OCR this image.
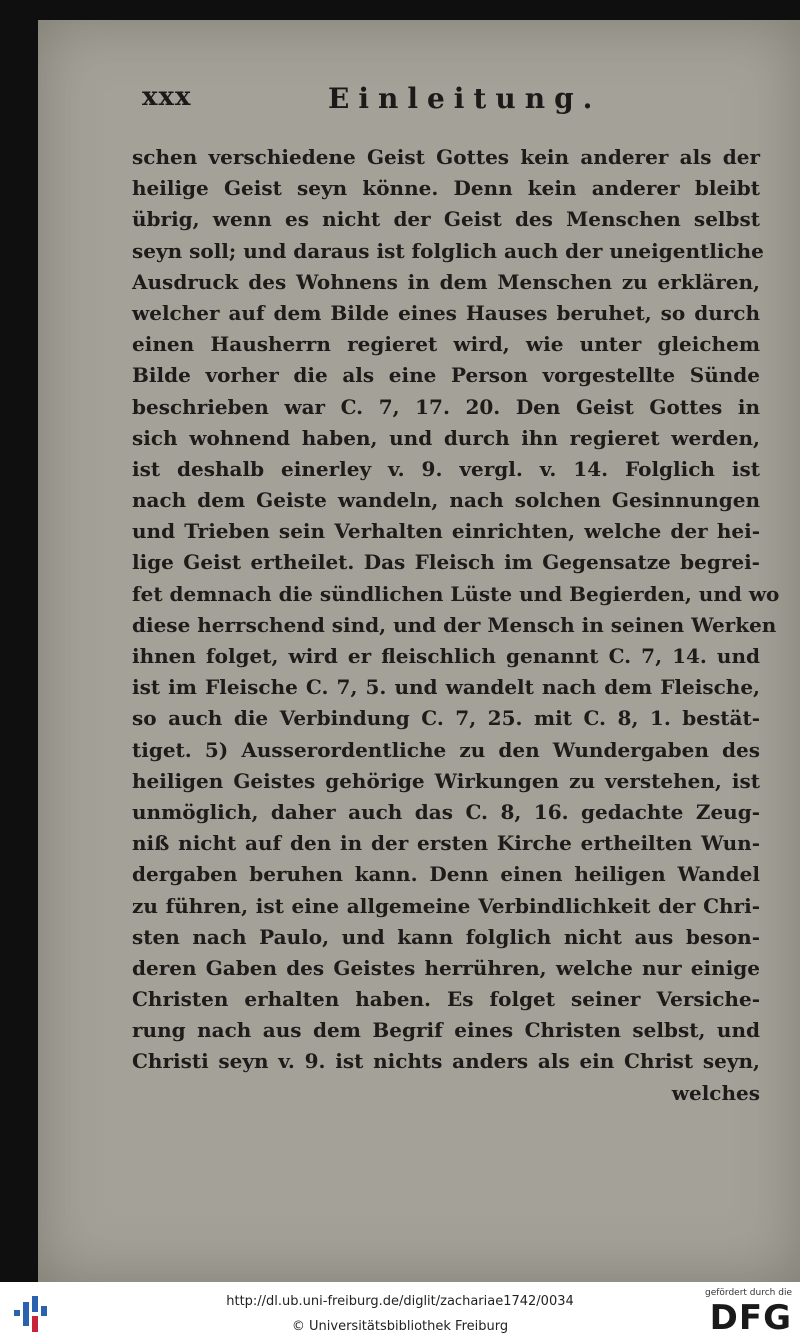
xxx	Einleitung.
schen verschiedene Geist Gottes kein anderer als der
heilige Geist seyn könne. Denn kein anderer bleibt
übrig, wenn es nicht der Geist des Menschen selbst
seyn soll; und daraus ist folglich auch der uneigentliche
Ausdruck des Wohnens in dem Menschen zu erklären,
welcher auf dem Bilde eines Hauses beruhet, so durch
einen Hausherrn regieret wird, wie unter gleichem
Bilde vorher die als eine Person vorgestellte Sünde
beschrieben war C. 7, 17. 20. Den Geist Gottes in
sich wohnend haben, und durch ihn regieret werden,
ist deshalb einerley v. 9. vergl. v. 14. Folglich ist
nach dem Geiste wandeln, nach solchen Gesinnungen
und Trieben sein Verhalten einrichten, welche der hei-
lige Geist ertheilet. Das Fleisch im Gegensatze begrei-
fet demnach die sündlichen Lüste und Begierden, und wo
diese herrschend sind, und der Mensch in seinen Werken
ihnen folget, wird er fleischlich genannt C. 7, 14. und
ist im Fleische C. 7, 5. und wandelt nach dem Fleische,
so auch die Verbindung C. 7, 25. mit C. 8, 1. bestät-
tiget. 5) Ausserordentliche zu den Wundergaben des
heiligen Geistes gehörige Wirkungen zu verstehen, ist
unmöglich, daher auch das C. 8, 16. gedachte Zeug-
niß nicht auf den in der ersten Kirche ertheilten Wun-
dergaben beruhen kann. Denn einen heiligen Wandel
zu führen, ist eine allgemeine Verbindlichkeit der Chri-
sten nach Paulo, und kann folglich nicht aus beson-
deren Gaben des Geistes herrühren, welche nur einige
Christen erhalten haben. Es folget seiner Versiche-
rung nach aus dem Begrif eines Christen selbst, und
Christi seyn v. 9. ist nichts anders als ein Christ seyn,
welches
http://dl.ub.uni-freiburg.de/diglit/zachariae1742/0034
© Universitätsbibliothek Freiburg
gefördert durch die
DFG
